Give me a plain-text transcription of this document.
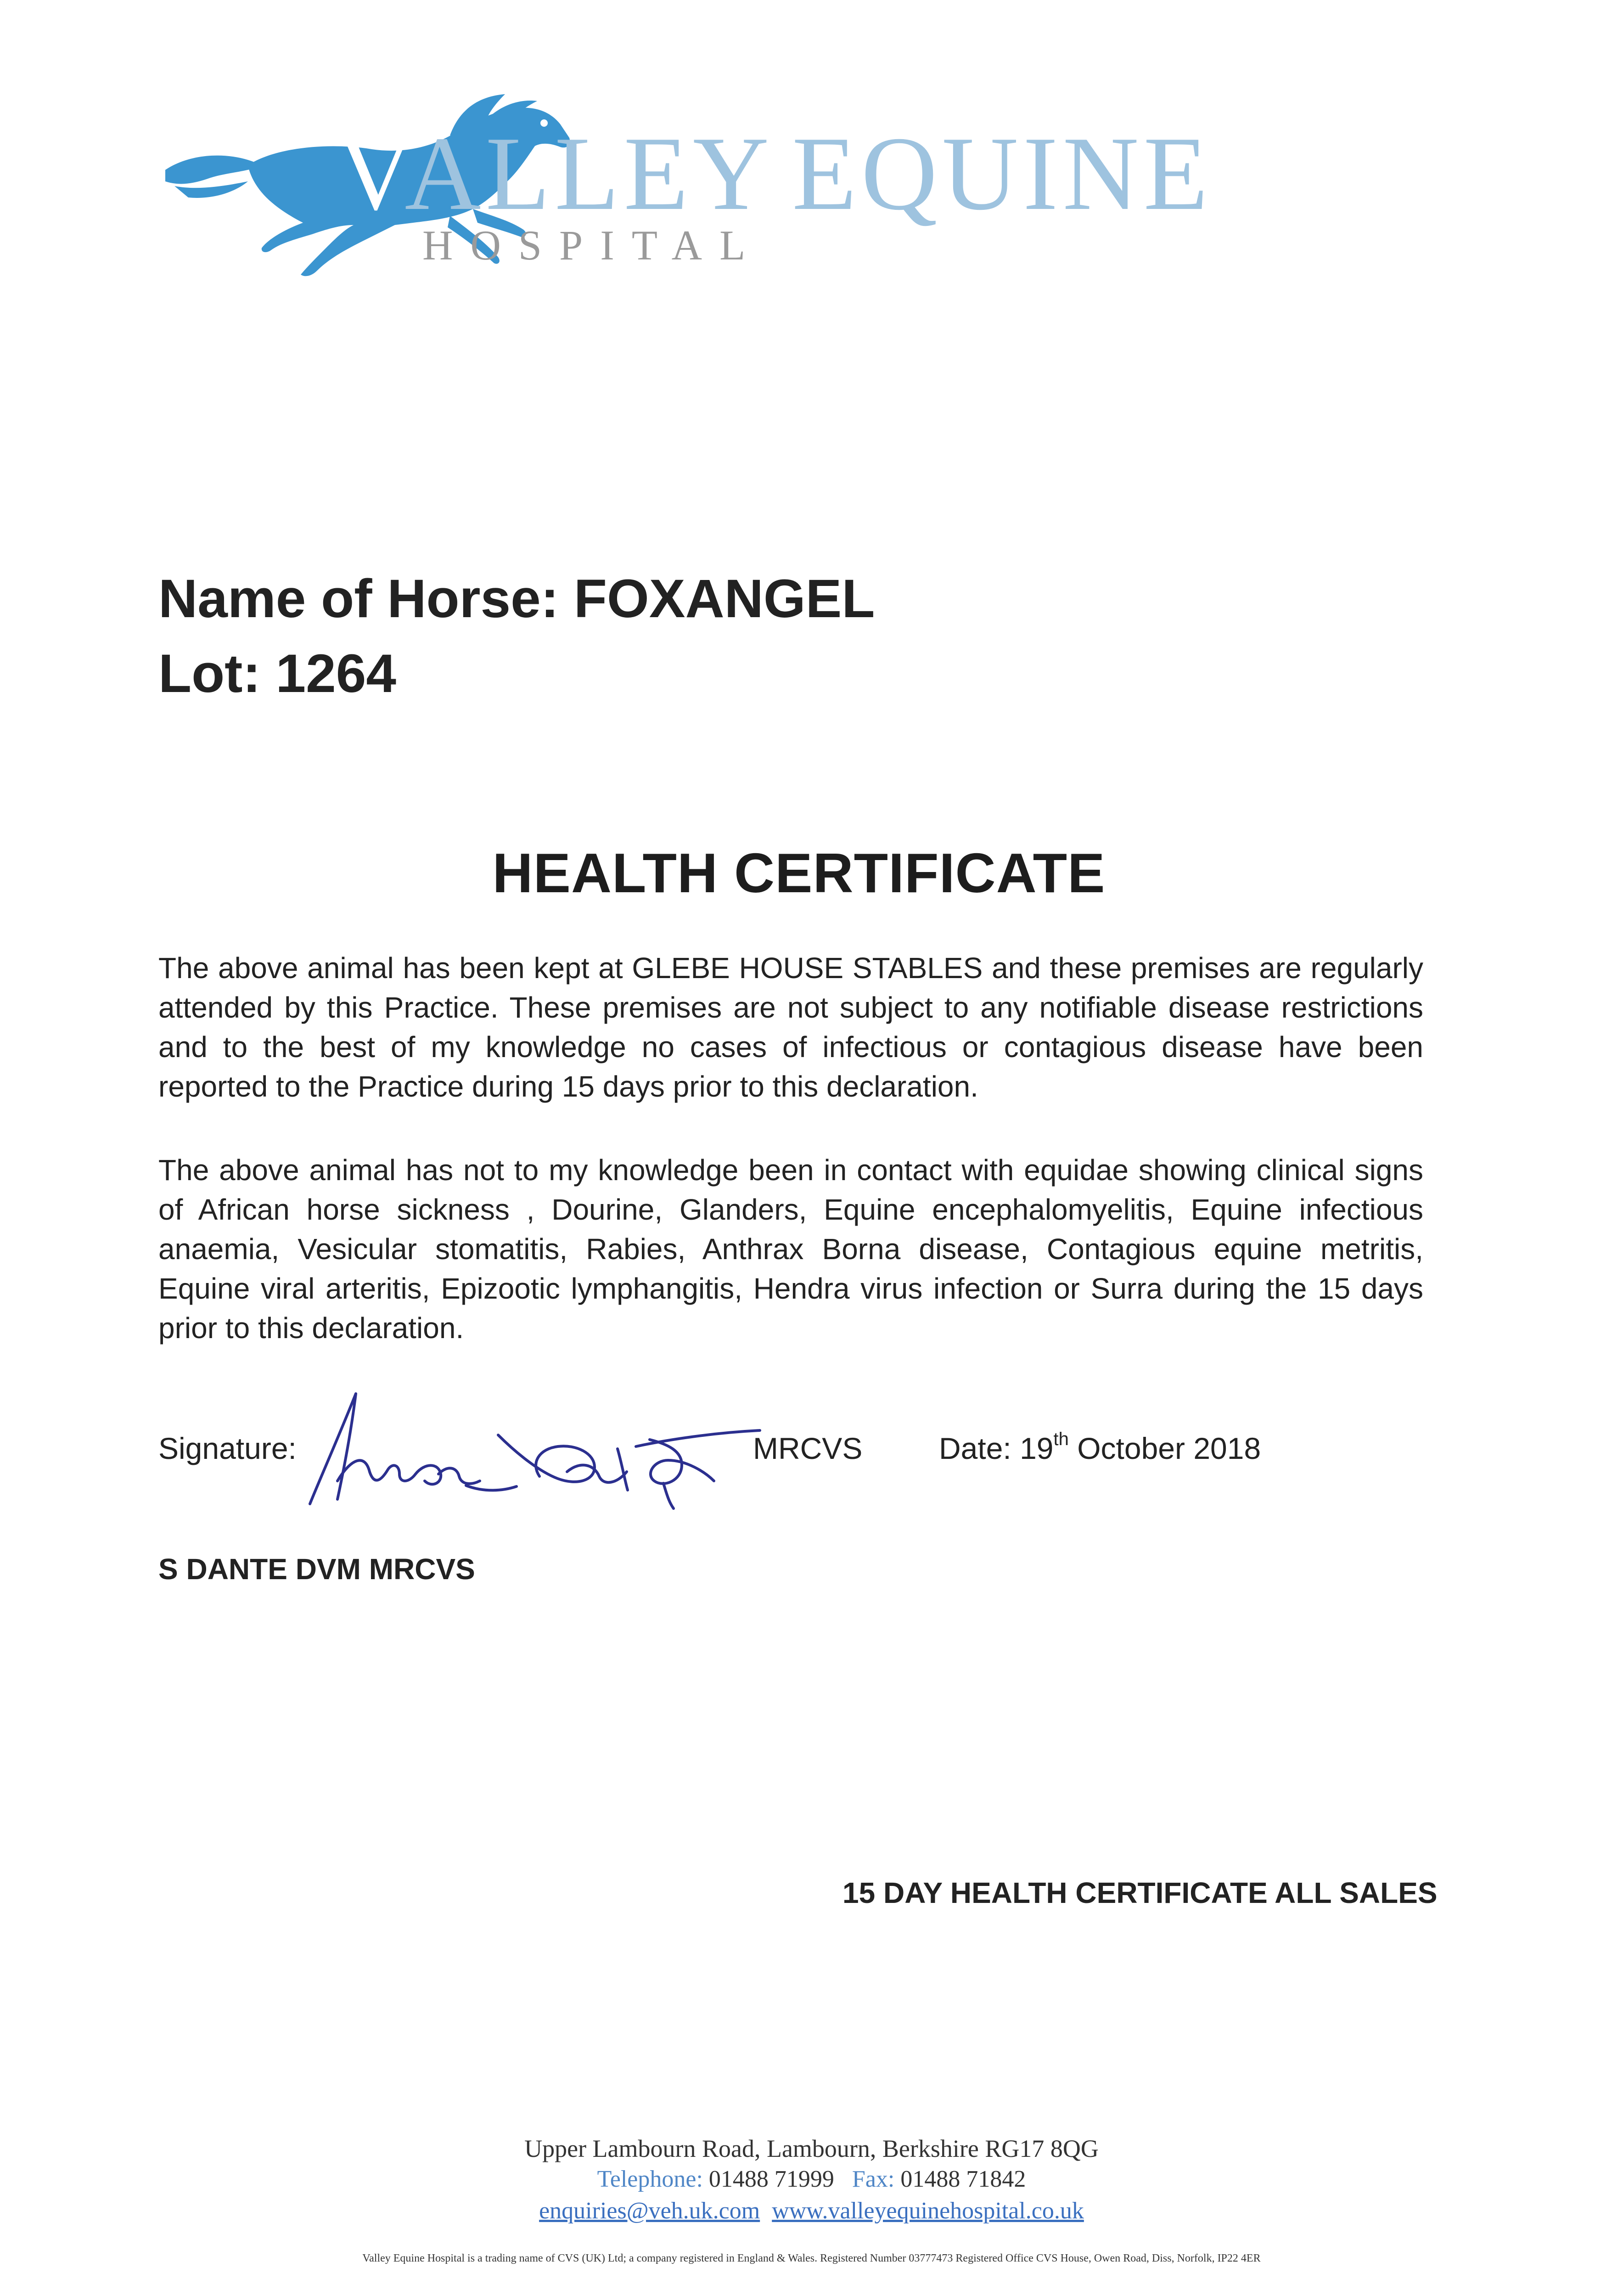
VALLEY EQUINE
HOSPITAL
Name of Horse: FOXANGEL
Lot: 1264
HEALTH CERTIFICATE
The above animal has been kept at GLEBE HOUSE STABLES and these premises are regularly attended by this Practice. These premises are not subject to any notifiable disease restrictions and to the best of my knowledge no cases of infectious or contagious disease have been reported to the Practice during 15 days prior to this declaration.
The above animal has not to my knowledge been in contact with equidae showing clinical signs of African horse sickness , Dourine, Glanders, Equine encephalomyelitis, Equine infectious anaemia, Vesicular stomatitis, Rabies, Anthrax Borna disease, Contagious equine metritis, Equine viral arteritis, Epizootic lymphangitis, Hendra virus infection or Surra during the 15 days prior to this declaration.
Signature:	MRCVS	Date: 19th October 2018
S DANTE DVM MRCVS
15 DAY HEALTH CERTIFICATE ALL SALES
Upper Lambourn Road, Lambourn, Berkshire RG17 8QG
Telephone: 01488 71999 Fax: 01488 71842
enquiries@veh.uk.com www.valleyequinehospital.co.uk
Valley Equine Hospital is a trading name of CVS (UK) Ltd; a company registered in England & Wales. Registered Number 03777473 Registered Office CVS House, Owen Road, Diss, Norfolk, IP22 4ER
